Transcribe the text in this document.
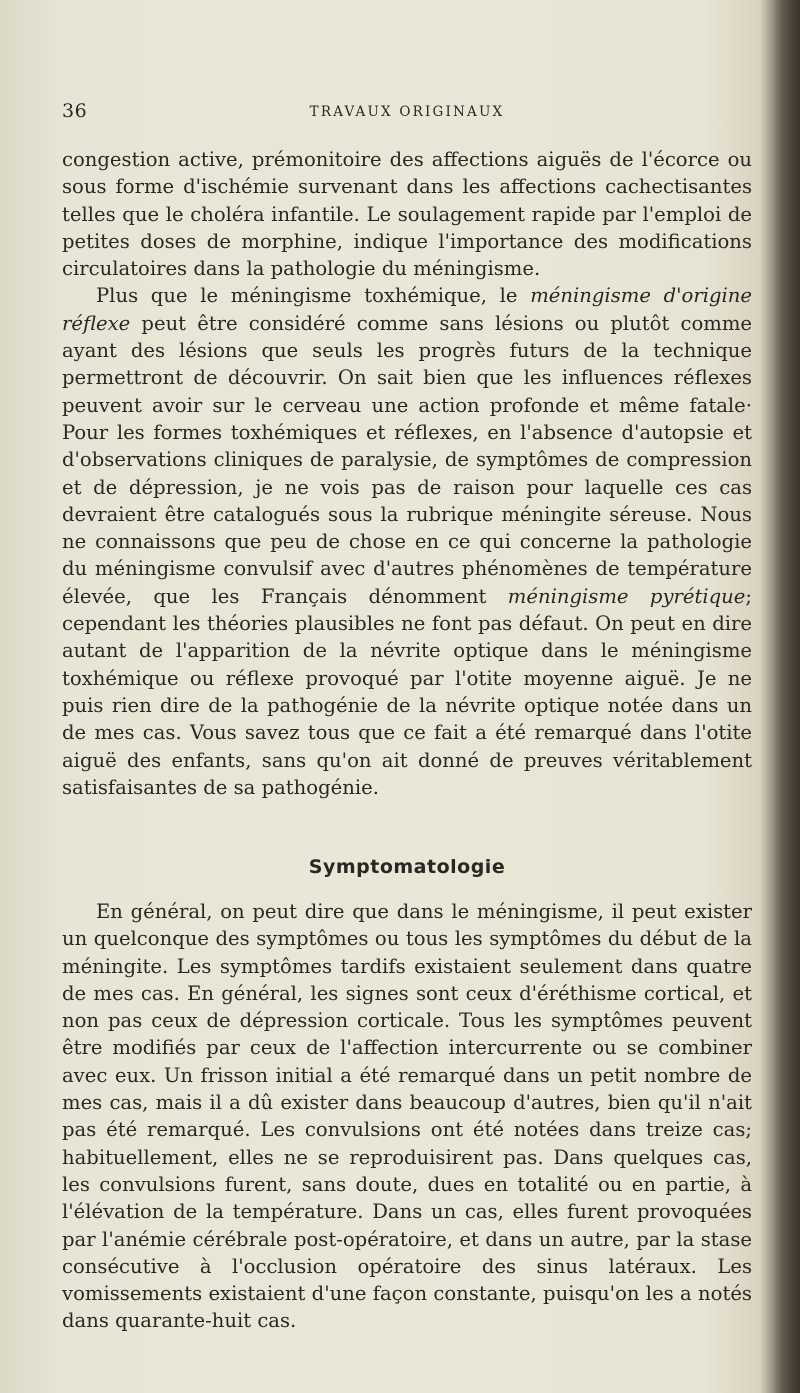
36	TRAVAUX ORIGINAUX

congestion active, prémonitoire des affections aiguës de l'écorce ou sous forme d'ischémie survenant dans les affections cachectisantes telles que le choléra infantile. Le soulagement rapide par l'emploi de petites doses de morphine, indique l'importance des modifications circulatoires dans la pathologie du méningisme.

Plus que le méningisme toxhémique, le méningisme d'origine réflexe peut être considéré comme sans lésions ou plutôt comme ayant des lésions que seuls les progrès futurs de la technique permettront de découvrir. On sait bien que les influences réflexes peuvent avoir sur le cerveau une action profonde et même fatale· Pour les formes toxhémiques et réflexes, en l'absence d'autopsie et d'observations cliniques de paralysie, de symptômes de compression et de dépression, je ne vois pas de raison pour laquelle ces cas devraient être catalogués sous la rubrique méningite séreuse. Nous ne connaissons que peu de chose en ce qui concerne la pathologie du méningisme convulsif avec d'autres phénomènes de température élevée, que les Français dénomment méningisme pyrétique; cependant les théories plausibles ne font pas défaut. On peut en dire autant de l'apparition de la névrite optique dans le méningisme toxhémique ou réflexe provoqué par l'otite moyenne aiguë. Je ne puis rien dire de la pathogénie de la névrite optique notée dans un de mes cas. Vous savez tous que ce fait a été remarqué dans l'otite aiguë des enfants, sans qu'on ait donné de preuves véritablement satisfaisantes de sa pathogénie.

Symptomatologie

En général, on peut dire que dans le méningisme, il peut exister un quelconque des symptômes ou tous les symptômes du début de la méningite. Les symptômes tardifs existaient seulement dans quatre de mes cas. En général, les signes sont ceux d'éréthisme cortical, et non pas ceux de dépression corticale. Tous les symptômes peuvent être modifiés par ceux de l'affection intercurrente ou se combiner avec eux. Un frisson initial a été remarqué dans un petit nombre de mes cas, mais il a dû exister dans beaucoup d'autres, bien qu'il n'ait pas été remarqué. Les convulsions ont été notées dans treize cas; habituellement, elles ne se reproduisirent pas. Dans quelques cas, les convulsions furent, sans doute, dues en totalité ou en partie, à l'élévation de la température. Dans un cas, elles furent provoquées par l'anémie cérébrale post-opératoire, et dans un autre, par la stase consécutive à l'occlusion opératoire des sinus latéraux. Les vomissements existaient d'une façon constante, puisqu'on les a notés dans quarante-huit cas.
